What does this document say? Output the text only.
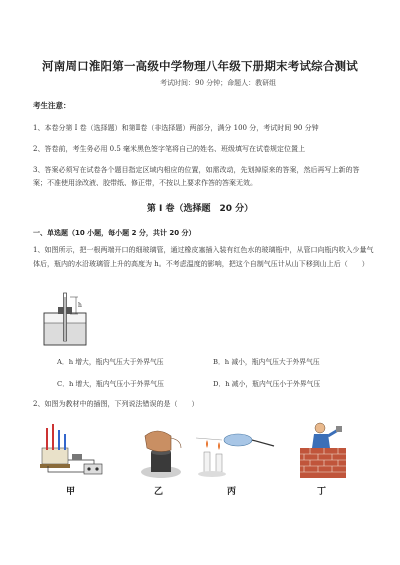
河南周口淮阳第一高级中学物理八年级下册期末考试综合测试
考试时间：90 分钟；命题人：教研组
考生注意：
1、本卷分第 I 卷（选择题）和第Ⅱ卷（非选择题）两部分，满分 100 分，考试时间 90 分钟
2、答卷前，考生务必用 0.5 毫米黑色签字笔将自己的姓名、班级填写在试卷规定位置上
3、答案必须写在试卷各个题目指定区域内相应的位置，如需改动，先划掉原来的答案，然后再写上新的答案；不准使用涂改液、胶带纸、修正带，不按以上要求作答的答案无效。
第 I 卷（选择题　20 分）
一、单选题（10 小题，每小题 2 分，共计 20 分）
1、如图所示，把一根两端开口的细玻璃管，通过橡皮塞插入装有红色水的玻璃瓶中，从管口向瓶内吹入少量气体后，瓶内的水沿玻璃管上升的高度为 h。不考虑温度的影响，把这个自制气压计从山下移到山上后（　　）
h
A．h 增大，瓶内气压大于外界气压	B．h 减小，瓶内气压大于外界气压
C．h 增大，瓶内气压小于外界气压	D．h 减小，瓶内气压小于外界气压
2、如图为教材中的插图，下列说法错误的是（　　）
甲	乙	丙	丁
